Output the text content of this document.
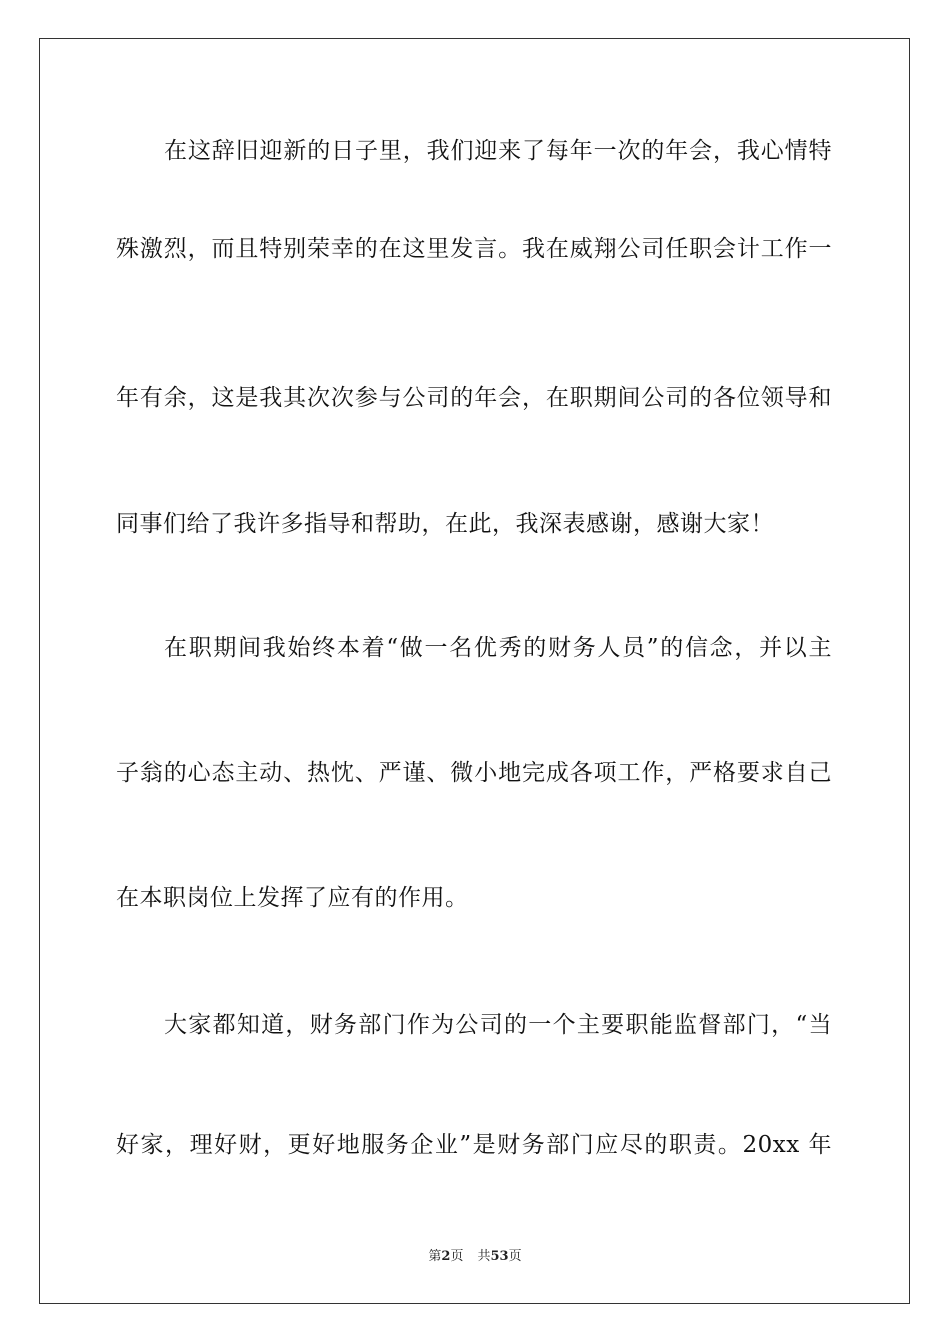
在这辞旧迎新的日子里，我们迎来了每年一次的年会，我心情特
殊激烈，而且特别荣幸的在这里发言。我在威翔公司任职会计工作一
年有余，这是我其次次参与公司的年会，在职期间公司的各位领导和
同事们给了我许多指导和帮助，在此，我深表感谢，感谢大家！
在职期间我始终本着“做一名优秀的财务人员”的信念，并以主
子翁的心态主动、热忱、严谨、微小地完成各项工作，严格要求自己
在本职岗位上发挥了应有的作用。
大家都知道，财务部门作为公司的一个主要职能监督部门，“当
好家，理好财，更好地服务企业”是财务部门应尽的职责。20xx 年
第2页 共53页
